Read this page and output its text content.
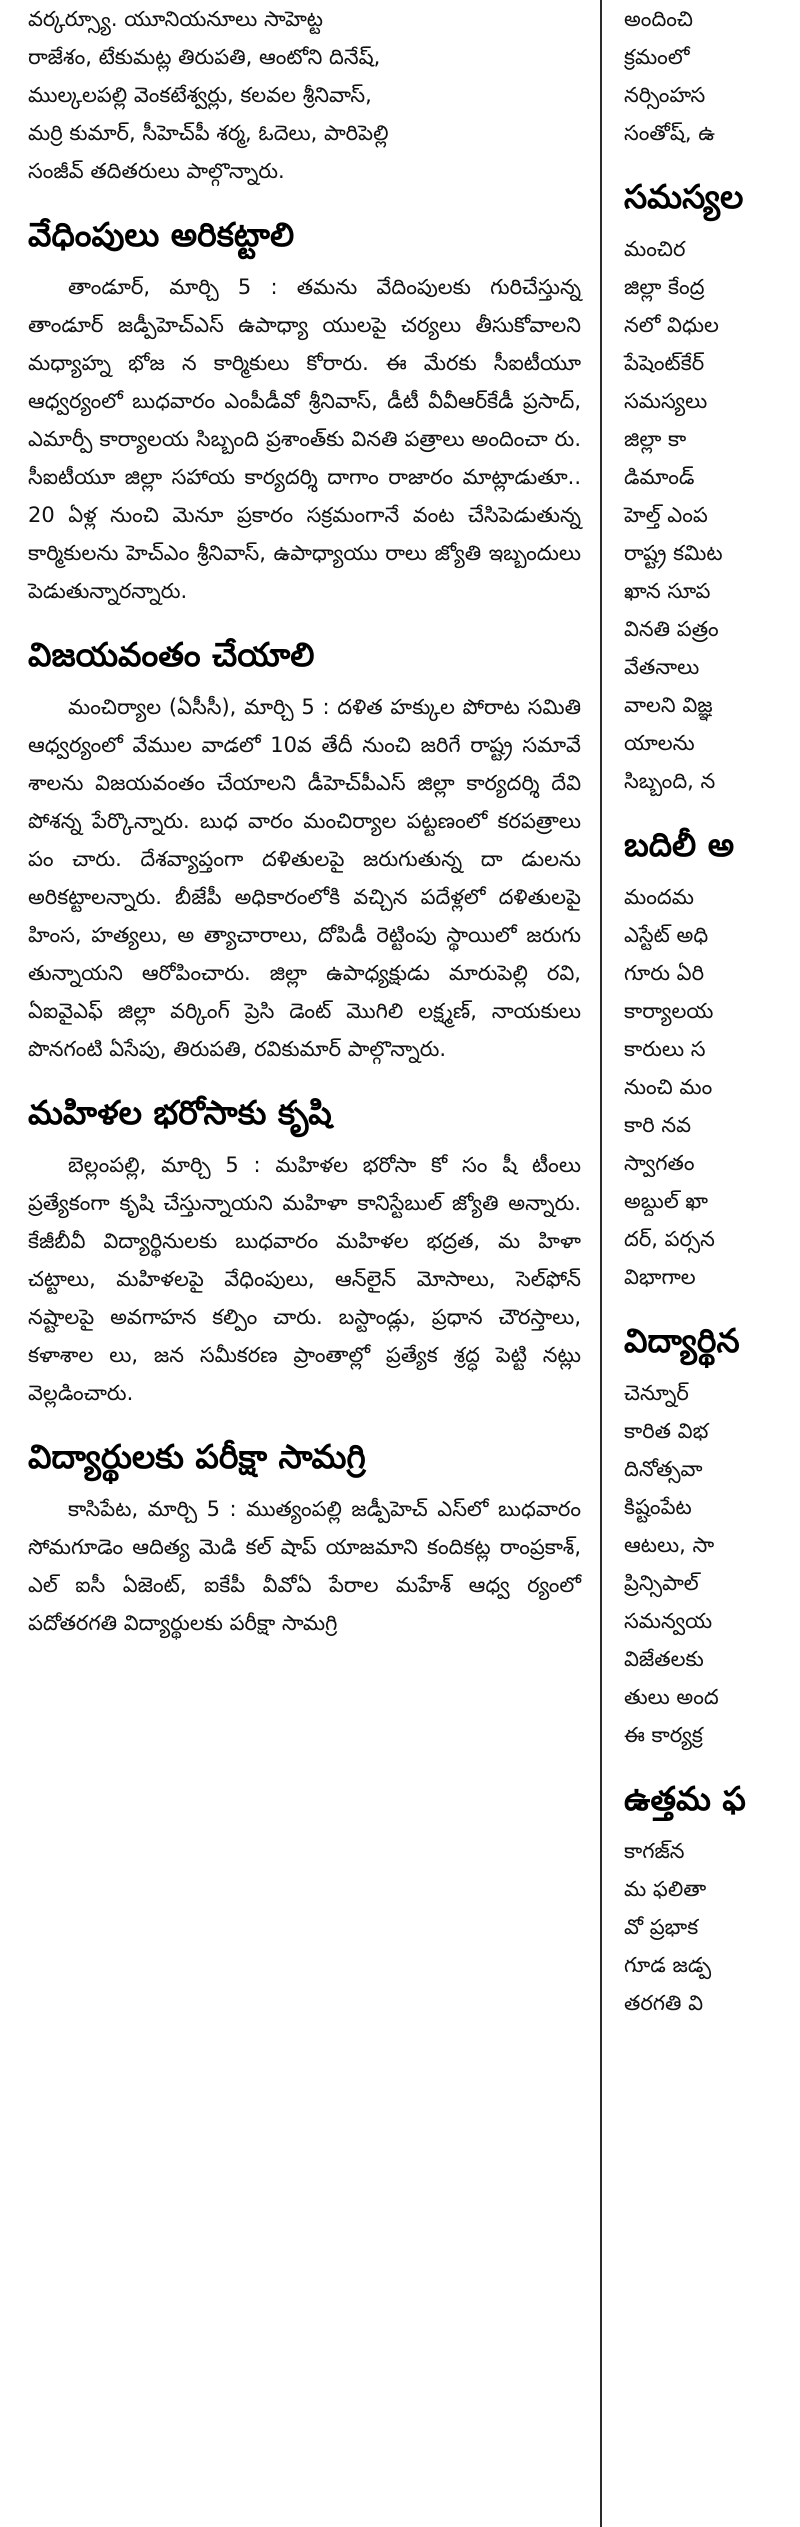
వర్కర్స్యూ. యూనియనూలు సాహెట్ట
రాజేశం, టేకుమట్ల తిరుపతి, ఆంటోని దినేష్,
ముల్కలపల్లి వెంకటేశ్వర్లు, కలవల శ్రీనివాస్,
మర్రి కుమార్, సీహెచ్‌పీ శర్మ, ఓదెలు, పారిపెల్లి
సంజీవ్ తదితరులు పాల్గొన్నారు.

వేధింపులు అరికట్టాలి

తాండూర్, మార్చి 5 : తమను వేదింపులకు గురిచేస్తున్న తాండూర్ జడ్పీహెచ్ఎస్ ఉపాధ్యా యులపై చర్యలు తీసుకోవాలని మధ్యాహ్న భోజ న కార్మికులు కోరారు. ఈ మేరకు సీఐటీయూ ఆధ్వర్యంలో బుధవారం ఎంపీడీవో శ్రీనివాస్, డీటీ వీవీఆర్‌కేడీ ప్రసాద్, ఎమార్పీ కార్యాలయ సిబ్బంది ప్రశాంత్‌కు వినతి పత్రాలు అందించా రు. సీఐటీయూ జిల్లా సహాయ కార్యదర్శి దాగాం రాజారం మాట్లాడుతూ.. 20 ఏళ్ల నుంచి మెనూ ప్రకారం సక్రమంగానే వంట చేసిపెడుతున్న కార్మికులను హెచ్ఎం శ్రీనివాస్, ఉపాధ్యాయు రాలు జ్యోతి ఇబ్బందులు పెడుతున్నారన్నారు.

విజయవంతం చేయాలి

మంచిర్యాల (ఏసీసీ), మార్చి 5 : దళిత హక్కుల పోరాట సమితి ఆధ్వర్యంలో వేముల వాడలో 10వ తేదీ నుంచి జరిగే రాష్ట్ర సమావే శాలను విజయవంతం చేయాలని డీహెచ్‌పీఎస్ జిల్లా కార్యదర్శి దేవి పోశన్న పేర్కొన్నారు. బుధ వారం మంచిర్యాల పట్టణంలో కరపత్రాలు పం చారు. దేశవ్యాప్తంగా దళితులపై జరుగుతున్న దా డులను అరికట్టాలన్నారు. బీజేపీ అధికారంలోకి వచ్చిన పదేళ్లలో దళితులపై హింస, హత్యలు, అ త్యాచారాలు, దోపిడీ రెట్టింపు స్థాయిలో జరుగు తున్నాయని ఆరోపించారు. జిల్లా ఉపాధ్యక్షుడు మారుపెల్లి రవి, ఏఐవైఎఫ్ జిల్లా వర్కింగ్ ప్రెసి డెంట్ మొగిలి లక్ష్మణ్, నాయకులు పొనగంటి ఏసేపు, తిరుపతి, రవికుమార్ పాల్గొన్నారు.

మహిళల భరోసాకు కృషి

బెల్లంపల్లి, మార్చి 5 : మహిళల భరోసా కో సం షీ టీంలు ప్రత్యేకంగా కృషి చేస్తున్నాయని మహిళా కానిస్టేబుల్ జ్యోతి అన్నారు. కేజీబీవీ విద్యార్థినులకు బుధవారం మహిళల భద్రత, మ హిళా చట్టాలు, మహిళలపై వేధింపులు, ఆన్‌లైన్ మోసాలు, సెల్‌ఫోన్ నష్టాలపై అవగాహన కల్పిం చారు. బస్టాండ్లు, ప్రధాన చౌరస్తాలు, కళాశాల లు, జన సమీకరణ ప్రాంతాల్లో ప్రత్యేక శ్రద్ధ పెట్టి నట్లు వెల్లడించారు.

విద్యార్థులకు పరీక్షా సామగ్రి

కాసిపేట, మార్చి 5 : ముత్యంపల్లి జడ్పీహెచ్ ఎస్‌లో బుధవారం సోమగూడెం ఆదిత్య మెడి కల్ షాప్ యాజమాని కందికట్ల రాంప్రకాశ్, ఎల్ ఐసీ ఏజెంట్, ఐకేపీ వీవోఏ పేరాల మహేశ్ ఆధ్వ ర్యంలో పదోతరగతి విద్యార్థులకు పరీక్షా సామగ్రి

అందించి
క్రమంలో
నర్సింహస
సంతోష్, ఉ

సమస్యల

మంచిర
జిల్లా కేంద్ర
నలో విధుల
పేషెంట్‌కేర్
సమస్యలు
జిల్లా కా
డిమాండ్
హెల్త్ ఎంప
రాష్ట్ర కమిట
ఖాన సూప
వినతి పత్రం
వేతనాలు
వాలని విజ్ఞ
యాలను
సిబ్బంది, న

బదిలీ అ

మందమ
ఎస్టేట్ అధి
గూరు ఏరి
కార్యాలయ
కారులు స
నుంచి మం
కారి నవ
స్వాగతం
అబ్దుల్ ఖా
దర్, పర్సన
విభాగాల

విద్యార్థిన

చెన్నూర్
కారిత విభ
దినోత్సవా
కిష్టంపేట
ఆటలు, సా
ప్రిన్సిపాల్
సమన్వయ
విజేతలకు
తులు అంద
ఈ కార్యక్ర

ఉత్తమ ఫ

కాగజ్‌న
మ ఫలితా
వో ప్రభాక
గూడ జడ్ప
తరగతి వి
